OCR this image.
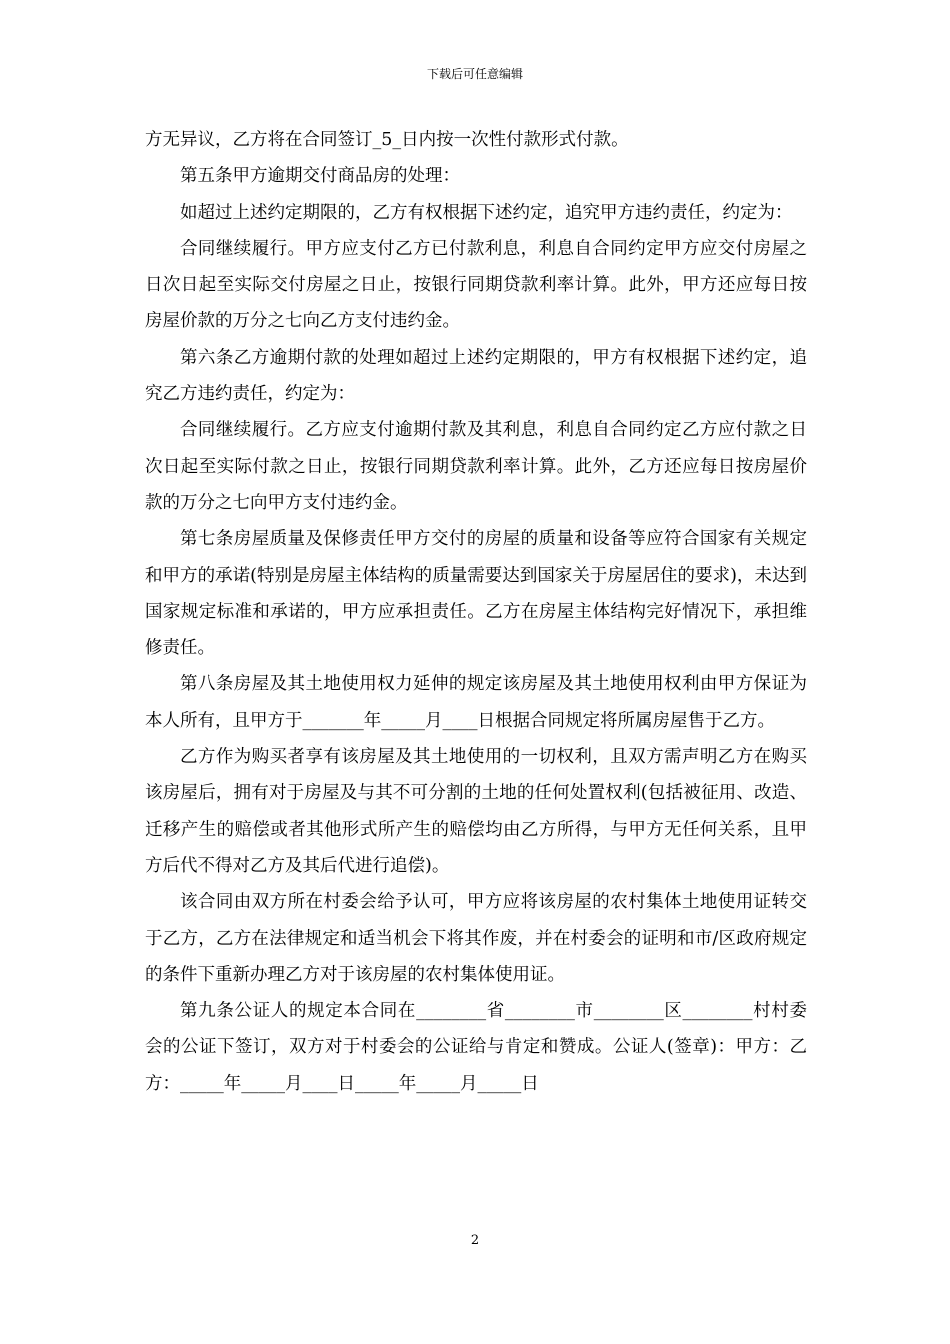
下载后可任意编辑

方无异议，乙方将在合同签订_5_日内按一次性付款形式付款。

第五条甲方逾期交付商品房的处理：

如超过上述约定期限的，乙方有权根据下述约定，追究甲方违约责任，约定为：

合同继续履行。甲方应支付乙方已付款利息，利息自合同约定甲方应交付房屋之日次日起至实际交付房屋之日止，按银行同期贷款利率计算。此外，甲方还应每日按房屋价款的万分之七向乙方支付违约金。

第六条乙方逾期付款的处理如超过上述约定期限的，甲方有权根据下述约定，追究乙方违约责任，约定为：

合同继续履行。乙方应支付逾期付款及其利息，利息自合同约定乙方应付款之日次日起至实际付款之日止，按银行同期贷款利率计算。此外，乙方还应每日按房屋价款的万分之七向甲方支付违约金。

第七条房屋质量及保修责任甲方交付的房屋的质量和设备等应符合国家有关规定和甲方的承诺(特别是房屋主体结构的质量需要达到国家关于房屋居住的要求)，未达到国家规定标准和承诺的，甲方应承担责任。乙方在房屋主体结构完好情况下，承担维修责任。

第八条房屋及其土地使用权力延伸的规定该房屋及其土地使用权利由甲方保证为本人所有，且甲方于_______年_____月____日根据合同规定将所属房屋售于乙方。

乙方作为购买者享有该房屋及其土地使用的一切权利，且双方需声明乙方在购买该房屋后，拥有对于房屋及与其不可分割的土地的任何处置权利(包括被征用、改造、迁移产生的赔偿或者其他形式所产生的赔偿均由乙方所得，与甲方无任何关系，且甲方后代不得对乙方及其后代进行追偿)。

该合同由双方所在村委会给予认可，甲方应将该房屋的农村集体土地使用证转交于乙方，乙方在法律规定和适当机会下将其作废，并在村委会的证明和市/区政府规定的条件下重新办理乙方对于该房屋的农村集体使用证。

第九条公证人的规定本合同在________省________市________区________村村委会的公证下签订，双方对于村委会的公证给与肯定和赞成。公证人(签章)：甲方：乙方：_____年_____月____日_____年_____月_____日

2
